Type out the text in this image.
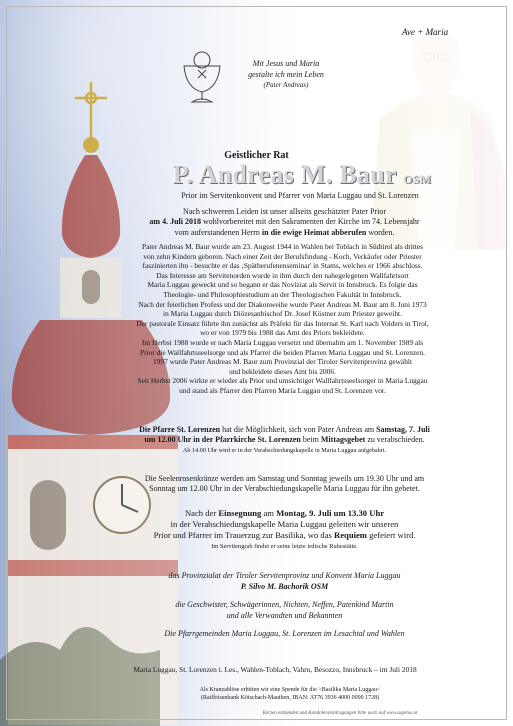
Ave + Maria
Mit Jesus und Maria
gestalte ich mein Leben
(Pater Andreas)
Geistlicher Rat
P. Andreas M. Baur OSM
Prior im Servitenkonvent und Pfarrer von Maria Luggau und St. Lorenzen
Nach schwerem Leiden ist unser allseits geschätzter Pater Prior
am 4. Juli 2018 wohlvorbereitet mit den Sakramenten der Kirche im 74. Lebensjahr
vom auferstandenen Herrn in die ewige Heimat abberufen worden.
Pater Andreas M. Baur wurde am 23. August 1944 in Wahlen bei Toblach in Südtirol als drittes
von zehn Kindern geboren. Nach einer Zeit der Berufsfindung - Koch, Verkäufer oder Priester
faszinierten ihn - besuchte er das ‚Spätberufenenseminar' in Stams, welches er 1966 abschloss.
Das Interesse am Servitenorden wurde in ihm durch den nahegelegenen Wallfahrtsort
Maria Luggau geweckt und so begann er das Noviziat als Servit in Innsbruck. Es folgte das
Theologie- und Philosophiestudium an der Theologischen Fakultät in Innsbruck.
Nach der feierlichen Profess und der Diakonweihe wurde Pater Andreas M. Baur am 8. Juni 1973
in Maria Luggau durch Diözesanbischof Dr. Josef Köstner zum Priester geweiht.
Der pastorale Einsatz führte ihn zunächst als Präfekt für das Internat St. Karl nach Volders in Tirol,
wo er von 1979 bis 1988 das Amt des Priors bekleidete.
Im Herbst 1988 wurde er nach Maria Luggau versetzt und übernahm am 1. November 1989 als
Prior die Wallfahrtsseelsorge und als Pfarrer die beiden Pfarren Maria Luggau und St. Lorenzen.
1997 wurde Pater Andreas M. Baur zum Provinzial der Tiroler Servitenprovinz gewählt
und bekleidete dieses Amt bis 2006.
Seit Herbst 2006 wirkte er wieder als Prior und umsichtiger Wallfahrtsseelsorger in Maria Luggau
und stand als Pfarrer den Pfarren Maria Luggau und St. Lorenzen vor.
Die Pfarre St. Lorenzen hat die Möglichkeit, sich von Pater Andreas am Samstag, 7. Juli
um 12.00 Uhr in der Pfarrkirche St. Lorenzen beim Mittagsgebet zu verabschieden.
Ab 14.00 Uhr wird er in der Verabschiedungskapelle in Maria Luggau aufgebahrt.
Die Seelenrosenkränze werden am Samstag und Sonntag jeweils um 19.30 Uhr und am
Sonntag um 12.00 Uhr in der Verabschiedungskapelle Maria Luggau für ihn gebetet.
Nach der Einsegnung am Montag, 9. Juli um 13.30 Uhr
in der Verabschiedungskapelle Maria Luggau geleiten wir unseren
Prior und Pfarrer im Trauerzug zur Basilika, wo das Requiem gefeiert wird.
Im Servitengrab findet er seine letzte irdische Ruhestätte.
das Provinzialat der Tiroler Servitenprovinz und Konvent Maria Luggau
P. Silvo M. Bachorik OSM
die Geschwister, Schwägerinnen, Nichten, Neffen, Patenkind Martin
und alle Verwandten und Bekannten
Die Pfarrgemeinden Maria Luggau, St. Lorenzen im Lesachtal und Wahlen
Maria Luggau, St. Lorenzen i. Les., Wahlen-Toblach, Vahrn, Besozzo, Innsbruck – im Juli 2018
Als Kranzablöse erbitten wir eine Spende für die >Basilika Maria Luggau<
(Raiffeisenbank Kötschach-Mauthen, IBAN: AT76 3936 4000 0090 1728)
Kerzen entzünden und Kondolenzeintragungen bitte auch auf www.aspetos.at
